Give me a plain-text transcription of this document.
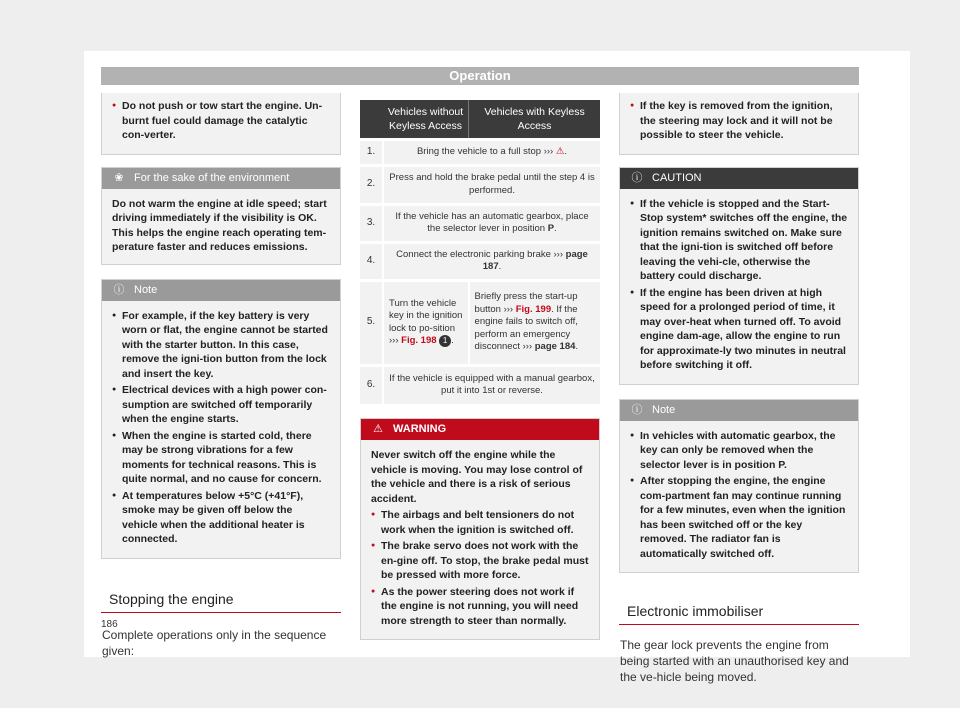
Operation
● Do not push or tow start the engine. Un-burnt fuel could damage the catalytic con-verter.
❀ For the sake of the environment
Do not warm the engine at idle speed; start driving immediately if the visibility is OK. This helps the engine reach operating tem-perature faster and reduces emissions.
ⓘ Note
● For example, if the key battery is very worn or flat, the engine cannot be started with the starter button. In this case, remove the igni-tion button from the lock and insert the key.
● Electrical devices with a high power con-sumption are switched off temporarily when the engine starts.
● When the engine is started cold, there may be strong vibrations for a few moments for technical reasons. This is quite normal, and no cause for concern.
● At temperatures below +5°C (+41°F), smoke may be given off below the vehicle when the additional heater is connected.
Stopping the engine
Complete operations only in the sequence given:
	Vehicles without Keyless Access	Vehicles with Keyless Access
1.	Bring the vehicle to a full stop ››› ⚠.	
2.	Press and hold the brake pedal until the step 4 is performed.	
3.	If the vehicle has an automatic gearbox, place the selector lever in position P.	
4.	Connect the electronic parking brake ››› page 187.	
5.	Turn the vehicle key in the ignition lock to po-sition ››› Fig. 198 1 .	Briefly press the start-up button ››› Fig. 199. If the engine fails to switch off, perform an emergency disconnect ››› page 184.
6.	If the vehicle is equipped with a manual gearbox, put it into 1st or reverse.	
⚠ WARNING
Never switch off the engine while the vehicle is moving. You may lose control of the vehicle and there is a risk of serious accident.
● The airbags and belt tensioners do not work when the ignition is switched off.
● The brake servo does not work with the en-gine off. To stop, the brake pedal must be pressed with more force.
● As the power steering does not work if the engine is not running, you will need more strength to steer than normally.
● If the key is removed from the ignition, the steering may lock and it will not be possible to steer the vehicle.
ⓘ CAUTION
● If the vehicle is stopped and the Start-Stop system* switches off the engine, the ignition remains switched on. Make sure that the igni-tion is switched off before leaving the vehi-cle, otherwise the battery could discharge.
● If the engine has been driven at high speed for a prolonged period of time, it may over-heat when turned off. To avoid engine dam-age, allow the engine to run for approximate-ly two minutes in neutral before switching it off.
ⓘ Note
● In vehicles with automatic gearbox, the key can only be removed when the selector lever is in position P.
● After stopping the engine, the engine com-partment fan may continue running for a few minutes, even when the ignition has been switched off or the key removed. The radiator fan is automatically switched off.
Electronic immobiliser
The gear lock prevents the engine from being started with an unauthorised key and the ve-hicle being moved.
186
